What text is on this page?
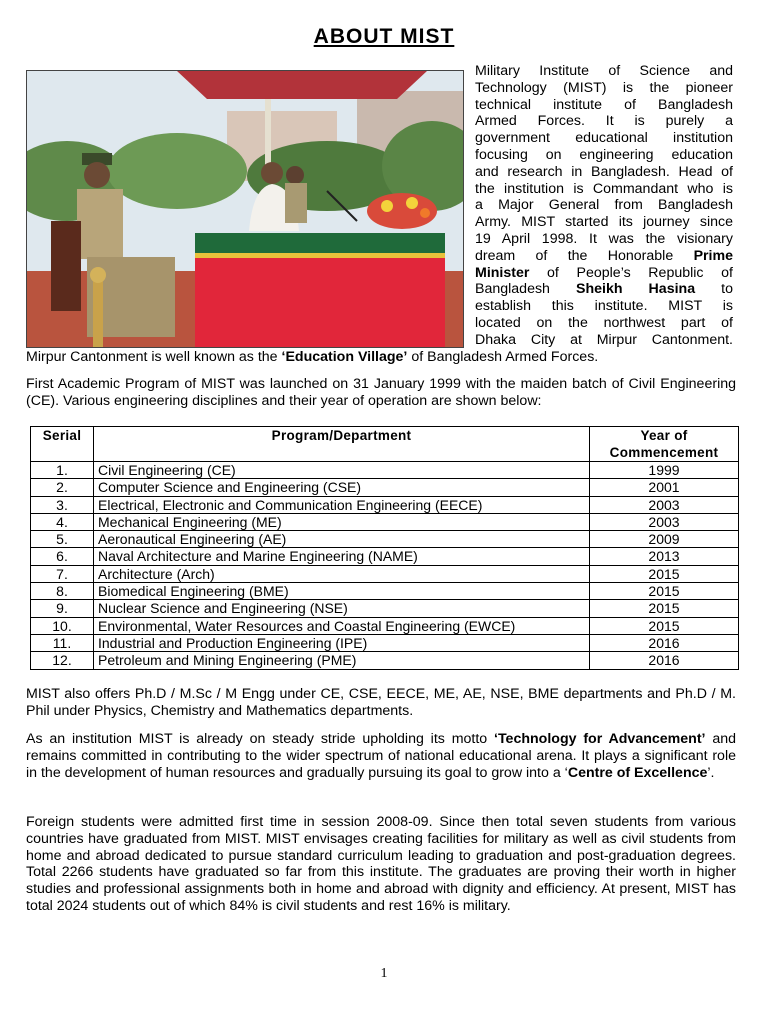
ABOUT MIST
Military Institute of Science and
Technology (MIST) is the pioneer
technical institute of Bangladesh
Armed Forces. It is purely a
government educational institution
focusing on engineering education
and research in Bangladesh. Head of
the institution is Commandant who is
a Major General from Bangladesh
Army. MIST started its journey since
19 April 1998. It was the visionary
dream of the Honorable Prime
Minister of People’s Republic of
Bangladesh Sheikh Hasina to
establish this institute. MIST is
located on the northwest part of
Dhaka City at Mirpur Cantonment.

Mirpur Cantonment is well known as the ‘Education Village’ of Bangladesh Armed Forces.

First Academic Program of MIST was launched on 31 January 1999 with the maiden batch of Civil Engineering (CE). Various engineering disciplines and their year of operation are shown below:

Serial	Program/Department	Year of
Commencement
1.	Civil Engineering (CE)	1999
2.	Computer Science and Engineering (CSE)	2001
3.	Electrical, Electronic and Communication Engineering (EECE)	2003
4.	Mechanical Engineering (ME)	2003
5.	Aeronautical Engineering (AE)	2009
6.	Naval Architecture and Marine Engineering (NAME)	2013
7.	Architecture (Arch)	2015
8.	Biomedical Engineering (BME)	2015
9.	Nuclear Science and Engineering (NSE)	2015
10.	Environmental, Water Resources and Coastal Engineering (EWCE)	2015
11.	Industrial and Production Engineering (IPE)	2016
12.	Petroleum and Mining Engineering (PME)	2016

MIST also offers Ph.D / M.Sc / M Engg under CE, CSE, EECE, ME, AE, NSE, BME departments and Ph.D / M. Phil under Physics, Chemistry and Mathematics departments.

As an institution MIST is already on steady stride upholding its motto ‘Technology for Advancement’ and remains committed in contributing to the wider spectrum of national educational arena. It plays a significant role in the development of human resources and gradually pursuing its goal to grow into a ‘Centre of Excellence’.

Foreign students were admitted first time in session 2008-09. Since then total seven students from various countries have graduated from MIST. MIST envisages creating facilities for military as well as civil students from home and abroad dedicated to pursue standard curriculum leading to graduation and post-graduation degrees. Total 2266 students have graduated so far from this institute. The graduates are proving their worth in higher studies and professional assignments both in home and abroad with dignity and efficiency. At present, MIST has total 2024 students out of which 84% is civil students and rest 16% is military.

1
